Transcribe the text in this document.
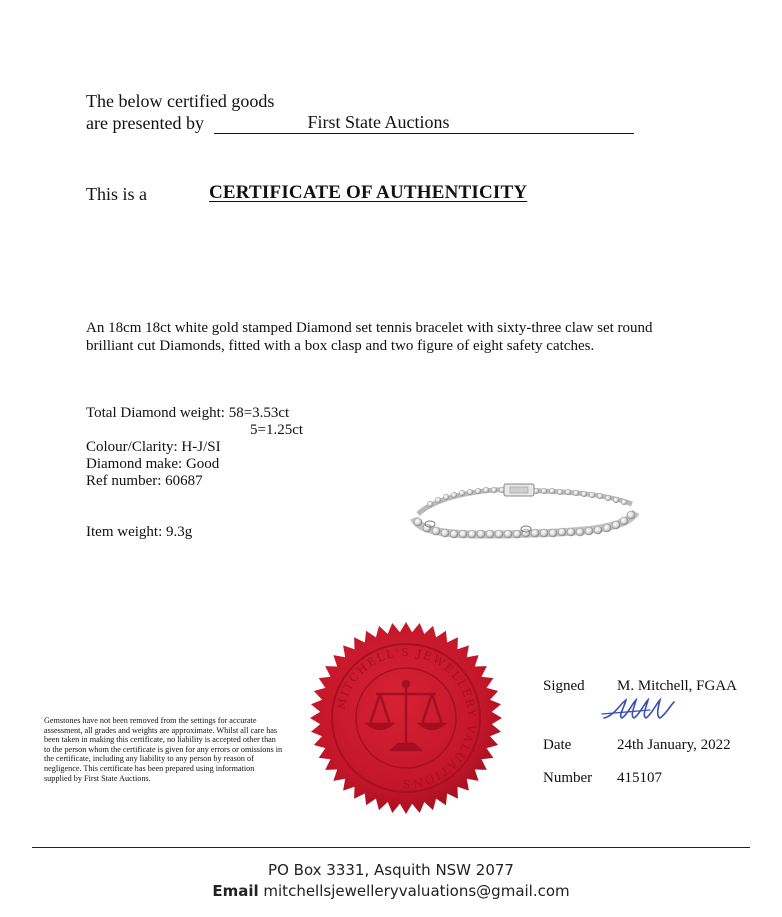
The below certified goods
are presented by	First State Auctions
This is a	CERTIFICATE OF AUTHENTICITY
An 18cm 18ct white gold stamped Diamond set tennis bracelet with sixty-three claw set round brilliant cut Diamonds, fitted with a box clasp and two figure of eight safety catches.
Total Diamond weight: 58=3.53ct
5=1.25ct
Colour/Clarity: H-J/SI
Diamond make: Good
Ref number: 60687
Item weight: 9.3g
Gemstones have not been removed from the settings for accurate assessment, all grades and weights are approximate. Whilst all care has been taken in making this certificate, no liability is accepted other than to the person whom the certificate is given for any errors or omissions in the certificate, including any liability to any person by reason of negligence. This certificate has been prepared using information supplied by First State Auctions.
MITCHELL'S JEWELLERY VALUATIONS
Signed M. Mitchell, FGAA
Date	24th January, 2022
Number 415107
PO Box 3331, Asquith NSW 2077
Email mitchellsjewelleryvaluations@gmail.com
